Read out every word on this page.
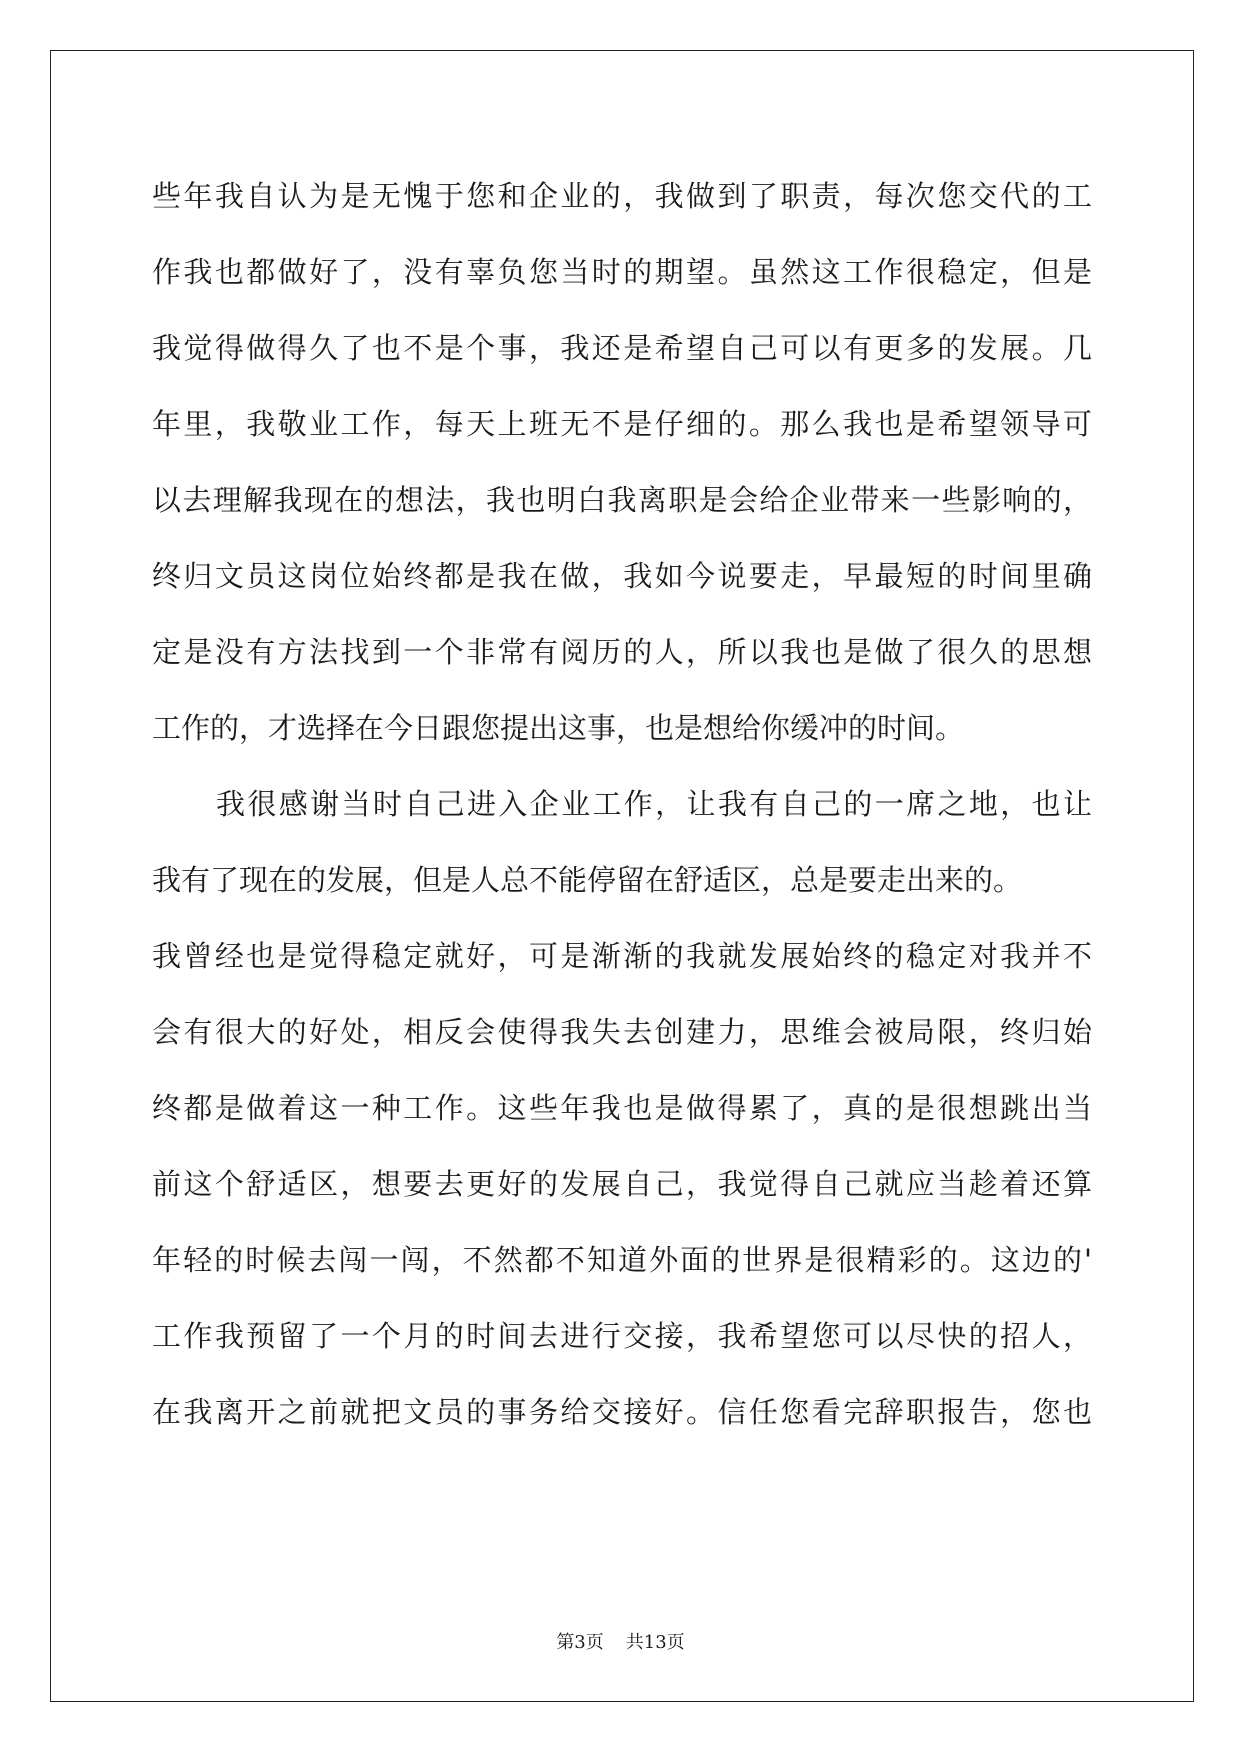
些年我自认为是无愧于您和企业的，我做到了职责，每次您交代的工
作我也都做好了，没有辜负您当时的期望。虽然这工作很稳定，但是
我觉得做得久了也不是个事，我还是希望自己可以有更多的发展。几
年里，我敬业工作，每天上班无不是仔细的。那么我也是希望领导可
以去理解我现在的想法，我也明白我离职是会给企业带来一些影响的，
终归文员这岗位始终都是我在做，我如今说要走，早最短的时间里确
定是没有方法找到一个非常有阅历的人，所以我也是做了很久的思想
工作的，才选择在今日跟您提出这事，也是想给你缓冲的时间。
我很感谢当时自己进入企业工作，让我有自己的一席之地，也让
我有了现在的发展，但是人总不能停留在舒适区，总是要走出来的。
我曾经也是觉得稳定就好，可是渐渐的我就发展始终的稳定对我并不
会有很大的好处，相反会使得我失去创建力，思维会被局限，终归始
终都是做着这一种工作。这些年我也是做得累了，真的是很想跳出当
前这个舒适区，想要去更好的发展自己，我觉得自己就应当趁着还算
年轻的时候去闯一闯，不然都不知道外面的世界是很精彩的。这边的'
工作我预留了一个月的时间去进行交接，我希望您可以尽快的招人，
在我离开之前就把文员的事务给交接好。信任您看完辞职报告，您也
第3页 共13页
